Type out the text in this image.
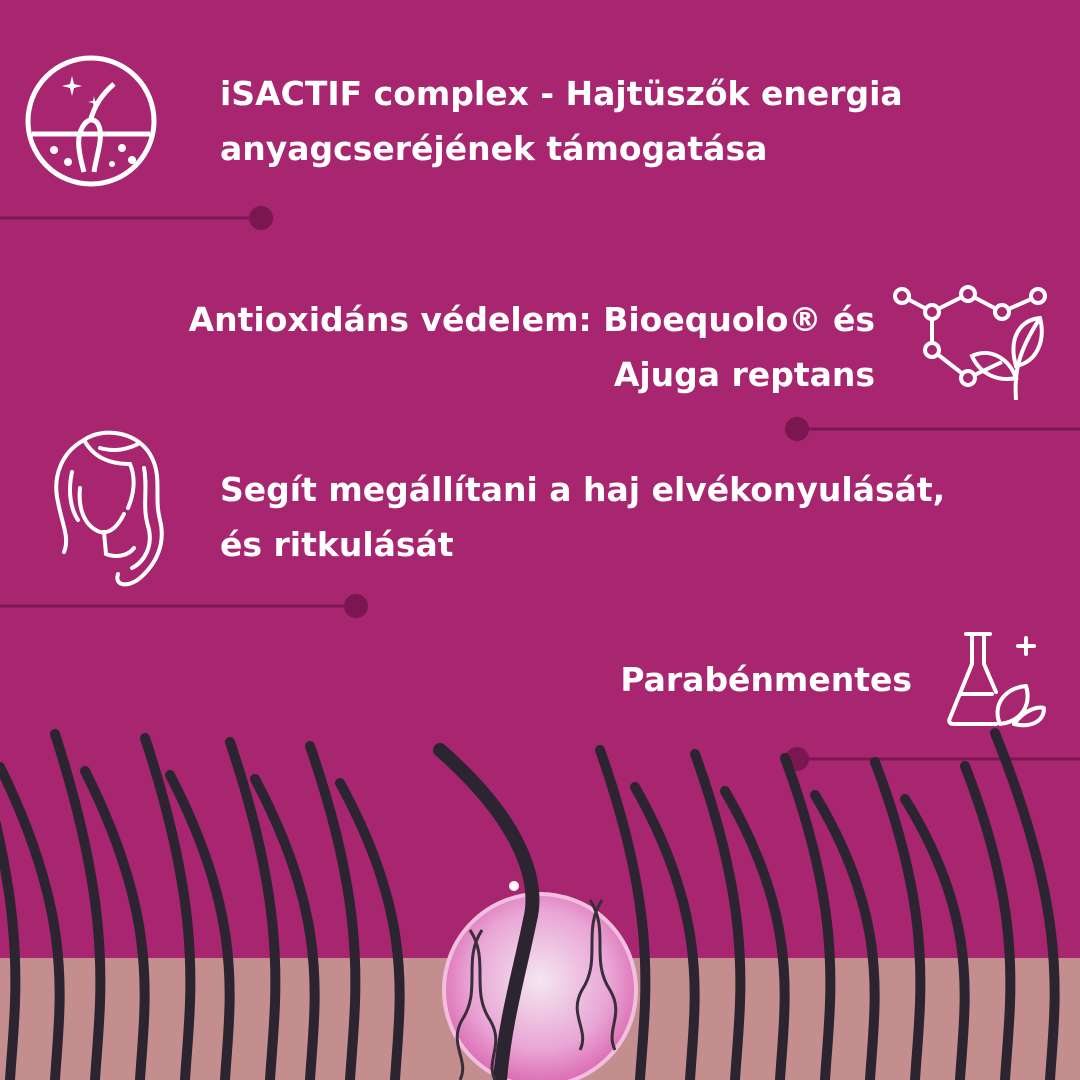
iSACTIF complex - Hajtüszők energia
anyagcseréjének támogatása

Antioxidáns védelem: Bioequolo® és
Ajuga reptans

Segít megállítani a haj elvékonyulását,
és ritkulását

Parabénmentes
